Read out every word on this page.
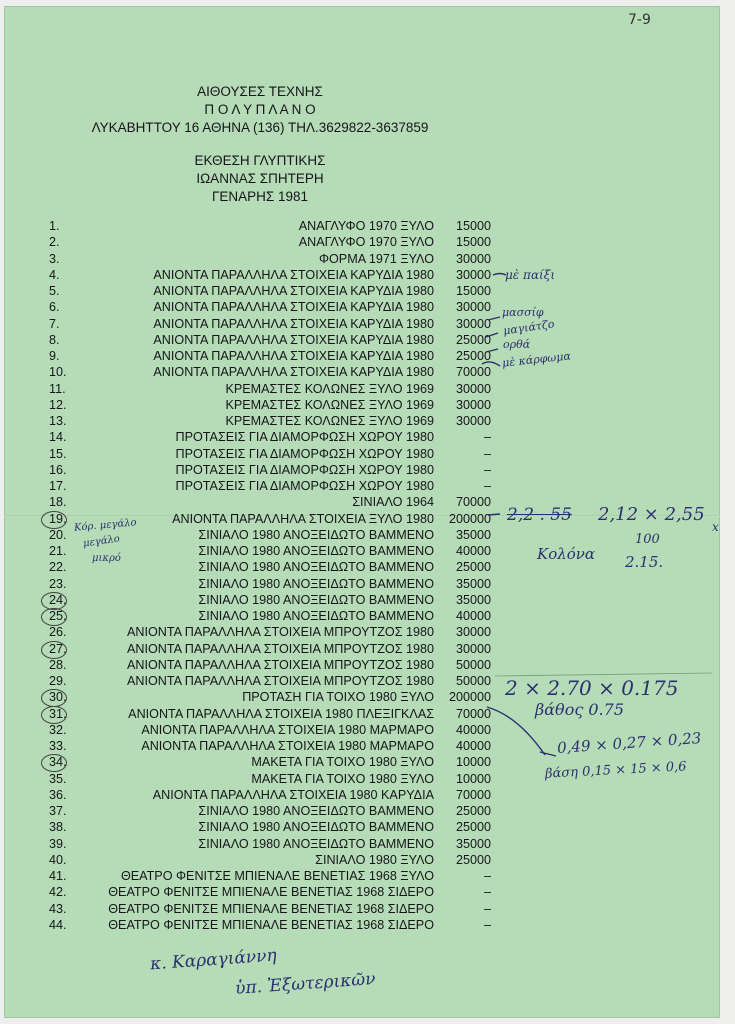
7-9
ΑΙΘΟΥΣΕΣ ΤΕΧΝΗΣ
Π Ο Λ Υ Π Λ Α Ν Ο
ΛΥΚΑΒΗΤΤΟΥ 16 ΑΘΗΝΑ (136) ΤΗΛ.3629822-3637859
ΕΚΘΕΣΗ ΓΛΥΠΤΙΚΗΣ
ΙΩΑΝΝΑΣ ΣΠΗΤΕΡΗ
ΓΕΝΑΡΗΣ 1981
1.	ΑΝΑΓΛΥΦΟ 1970 ΞΥΛΟ	15000
2.	ΑΝΑΓΛΥΦΟ 1970 ΞΥΛΟ	15000
3.	ΦΟΡΜΑ 1971 ΞΥΛΟ	30000
4.	ΑΝΙΟΝΤΑ ΠΑΡΑΛΛΗΛΑ ΣΤΟΙΧΕΙΑ ΚΑΡΥΔΙΑ 1980	30000
5.	ΑΝΙΟΝΤΑ ΠΑΡΑΛΛΗΛΑ ΣΤΟΙΧΕΙΑ ΚΑΡΥΔΙΑ 1980	15000
6.	ΑΝΙΟΝΤΑ ΠΑΡΑΛΛΗΛΑ ΣΤΟΙΧΕΙΑ ΚΑΡΥΔΙΑ 1980	30000
7.	ΑΝΙΟΝΤΑ ΠΑΡΑΛΛΗΛΑ ΣΤΟΙΧΕΙΑ ΚΑΡΥΔΙΑ 1980	30000
8.	ΑΝΙΟΝΤΑ ΠΑΡΑΛΛΗΛΑ ΣΤΟΙΧΕΙΑ ΚΑΡΥΔΙΑ 1980	25000
9.	ΑΝΙΟΝΤΑ ΠΑΡΑΛΛΗΛΑ ΣΤΟΙΧΕΙΑ ΚΑΡΥΔΙΑ 1980	25000
10.	ΑΝΙΟΝΤΑ ΠΑΡΑΛΛΗΛΑ ΣΤΟΙΧΕΙΑ ΚΑΡΥΔΙΑ 1980	70000
11.	ΚΡΕΜΑΣΤΕΣ ΚΟΛΩΝΕΣ ΞΥΛΟ 1969	30000
12.	ΚΡΕΜΑΣΤΕΣ ΚΟΛΩΝΕΣ ΞΥΛΟ 1969	30000
13.	ΚΡΕΜΑΣΤΕΣ ΚΟΛΩΝΕΣ ΞΥΛΟ 1969	30000
14.	ΠΡΟΤΑΣΕΙΣ ΓΙΑ ΔΙΑΜΟΡΦΩΣΗ ΧΩΡΟΥ 1980	–
15.	ΠΡΟΤΑΣΕΙΣ ΓΙΑ ΔΙΑΜΟΡΦΩΣΗ ΧΩΡΟΥ 1980	–
16.	ΠΡΟΤΑΣΕΙΣ ΓΙΑ ΔΙΑΜΟΡΦΩΣΗ ΧΩΡΟΥ 1980	–
17.	ΠΡΟΤΑΣΕΙΣ ΓΙΑ ΔΙΑΜΟΡΦΩΣΗ ΧΩΡΟΥ 1980	–
18.	ΣΙΝΙΑΛΟ 1964	70000
19.	ΑΝΙΟΝΤΑ ΠΑΡΑΛΛΗΛΑ ΣΤΟΙΧΕΙΑ ΞΥΛΟ 1980	200000
20.	ΣΙΝΙΑΛΟ 1980 ΑΝΟΞΕΙΔΩΤΟ ΒΑΜΜΕΝΟ	35000
21.	ΣΙΝΙΑΛΟ 1980 ΑΝΟΞΕΙΔΩΤΟ ΒΑΜΜΕΝΟ	40000
22.	ΣΙΝΙΑΛΟ 1980 ΑΝΟΞΕΙΔΩΤΟ ΒΑΜΜΕΝΟ	25000
23.	ΣΙΝΙΑΛΟ 1980 ΑΝΟΞΕΙΔΩΤΟ ΒΑΜΜΕΝΟ	35000
24.	ΣΙΝΙΑΛΟ 1980 ΑΝΟΞΕΙΔΩΤΟ ΒΑΜΜΕΝΟ	35000
25.	ΣΙΝΙΑΛΟ 1980 ΑΝΟΞΕΙΔΩΤΟ ΒΑΜΜΕΝΟ	40000
26.	ΑΝΙΟΝΤΑ ΠΑΡΑΛΛΗΛΑ ΣΤΟΙΧΕΙΑ ΜΠΡΟΥΤΖΟΣ 1980	30000
27.	ΑΝΙΟΝΤΑ ΠΑΡΑΛΛΗΛΑ ΣΤΟΙΧΕΙΑ ΜΠΡΟΥΤΖΟΣ 1980	30000
28.	ΑΝΙΟΝΤΑ ΠΑΡΑΛΛΗΛΑ ΣΤΟΙΧΕΙΑ ΜΠΡΟΥΤΖΟΣ 1980	50000
29.	ΑΝΙΟΝΤΑ ΠΑΡΑΛΛΗΛΑ ΣΤΟΙΧΕΙΑ ΜΠΡΟΥΤΖΟΣ 1980	50000
30.	ΠΡΟΤΑΣΗ ΓΙΑ ΤΟΙΧΟ 1980 ΞΥΛΟ	200000
31.	ΑΝΙΟΝΤΑ ΠΑΡΑΛΛΗΛΑ ΣΤΟΙΧΕΙΑ 1980 ΠΛΕΞΙΓΚΛΑΣ	70000
32.	ΑΝΙΟΝΤΑ ΠΑΡΑΛΛΗΛΑ ΣΤΟΙΧΕΙΑ 1980 ΜΑΡΜΑΡΟ	40000
33.	ΑΝΙΟΝΤΑ ΠΑΡΑΛΛΗΛΑ ΣΤΟΙΧΕΙΑ 1980 ΜΑΡΜΑΡΟ	40000
34.	ΜΑΚΕΤΑ ΓΙΑ ΤΟΙΧΟ 1980 ΞΥΛΟ	10000
35.	ΜΑΚΕΤΑ ΓΙΑ ΤΟΙΧΟ 1980 ΞΥΛΟ	10000
36.	ΑΝΙΟΝΤΑ ΠΑΡΑΛΛΗΛΑ ΣΤΟΙΧΕΙΑ 1980 ΚΑΡΥΔΙΑ	70000
37.	ΣΙΝΙΑΛΟ 1980 ΑΝΟΞΕΙΔΩΤΟ ΒΑΜΜΕΝΟ	25000
38.	ΣΙΝΙΑΛΟ 1980 ΑΝΟΞΕΙΔΩΤΟ ΒΑΜΜΕΝΟ	25000
39.	ΣΙΝΙΑΛΟ 1980 ΑΝΟΞΕΙΔΩΤΟ ΒΑΜΜΕΝΟ	35000
40.	ΣΙΝΙΑΛΟ 1980 ΞΥΛΟ	25000
41.	ΘΕΑΤΡΟ ΦΕΝΙΤΣΕ ΜΠΙΕΝΑΛΕ ΒΕΝΕΤΙΑΣ 1968 ΞΥΛΟ	–
42.	ΘΕΑΤΡΟ ΦΕΝΙΤΣΕ ΜΠΙΕΝΑΛΕ ΒΕΝΕΤΙΑΣ 1968 ΣΙΔΕΡΟ	–
43.	ΘΕΑΤΡΟ ΦΕΝΙΤΣΕ ΜΠΙΕΝΑΛΕ ΒΕΝΕΤΙΑΣ 1968 ΣΙΔΕΡΟ	–
44.	ΘΕΑΤΡΟ ΦΕΝΙΤΣΕ ΜΠΙΕΝΑΛΕ ΒΕΝΕΤΙΑΣ 1968 ΣΙΔΕΡΟ	–
μὲ παίξι
μασσίφ
μαγιάτζο
ορθά
μὲ κάρφωμα
2,2 . 55 2,12 × 2,55
x
100
Κολόνα 2.15.
Κόρ. μεγάλο
μεγάλο
μικρό
2 × 2.70 × 0.175
βάθος 0.75
0,49 × 0,27 × 0,23
βάση 0,15 × 15 × 0,6
κ. Καραγιάννη
ὑπ. Ἐξωτερικῶν
